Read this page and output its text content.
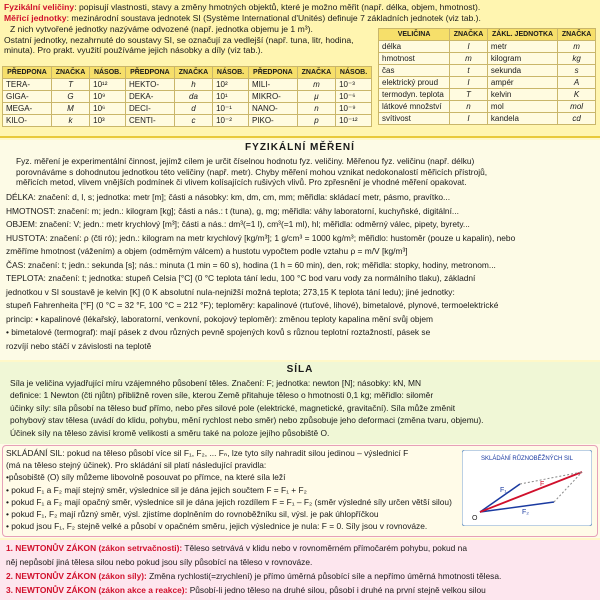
Fyzikální veličiny: popisují vlastnosti, stavy a změny hmotných objektů, které je možno měřit (např. délka, objem, hmotnost).
Měřicí jednotky: mezinárodní soustava jednotek SI (Système International d'Unités) definuje 7 základních jednotek (viz tab.).
Z nich vytvořené jednotky nazýváme odvozené (např. jednotka objemu je 1 m³).
Ostatní jednotky, nezahrnuté do soustavy SI, se označují za vedlejší (např. tuna, litr, hodina, minuta). Pro prakt. využití používáme jejich násobky a díly (viz tab.).
PŘEDPONA	ZNAČKA	NÁSOB.	PŘEDPONA	ZNAČKA	NÁSOB.	PŘEDPONA	ZNAČKA	NÁSOB.
TERA-	T	10¹²	HEKTO-	h	10²	MILI-	m	10⁻³
GIGA-	G	10⁹	DEKA-	da	10¹	MIKRO-	μ	10⁻⁶
MEGA-	M	10⁶	DECI-	d	10⁻¹	NANO-	n	10⁻⁹
KILO-	k	10³	CENTI-	c	10⁻²	PIKO-	p	10⁻¹²
VELIČINA	ZNAČKA	ZÁKL. JEDNOTKA	ZNAČKA
délka	l	metr	m
hmotnost	m	kilogram	kg
čas	t	sekunda	s
elektrický proud	I	ampér	A
termodyn. teplota	T	kelvin	K
látkové množství	n	mol	mol
svítivost	I	kandela	cd
FYZIKÁLNÍ MĚŘENÍ
Fyz. měření je experimentální činnost, jejímž cílem je určit číselnou hodnotu fyz. veličiny. Měřenou fyz. veličinu (např. délku)
porovnáváme s dohodnutou jednotkou této veličiny (např. metr). Chyby měření mohou vznikat nedokonalostí měřicích přístrojů,
měřicích metod, vlivem vnějších podmínek či vlivem kolísajících rušivých vlivů. Pro zpřesnění je vhodné měření opakovat.
DÉLKA: značení: d, l, s; jednotka: metr [m]; části a násobky: km, dm, cm, mm; měřidla: skládací metr, pásmo, pravítko...
HMOTNOST: značení: m; jedn.: kilogram [kg]; části a nás.: t (tuna), g, mg; měřidla: váhy laboratorní, kuchyňské, digitální...
OBJEM: značení: V; jedn.: metr krychlový [m³]; části a nás.: dm³(=1 l), cm³(=1 ml), hl; měřidla: odměrný válec, pipety, byrety...
HUSTOTA: značení: ρ (čti ró); jedn.: kilogram na metr krychlový [kg/m³]; 1 g/cm³ = 1000 kg/m³; měřidlo: hustoměr (pouze u kapalin), nebo
změříme hmotnost (vážením) a objem (odměrným válcem) a hustotu vypočtem podle vztahu ρ = m/V [kg/m³]
ČAS: značení: t; jedn.: sekunda [s]; nás.: minuta (1 min = 60 s), hodina (1 h = 60 min), den, rok; měřidla: stopky, hodiny, metronom...
TEPLOTA: značení: t; jednotka: stupeň Celsia [°C] (0 °C teplota tání ledu, 100 °C bod varu vody za normálního tlaku), základní
jednotkou v SI soustavě je kelvin [K] (0 K absolutní nula-nejnižší možná teplota; 273,15 K teplota tání ledu); jiné jednotky:
stupeň Fahrenheita [°F] (0 °C = 32 °F, 100 °C = 212 °F); teploměry: kapalinové (rtuťové, lihové), bimetalové, plynové, termoelektrické
princip: • kapalinové (lékařský, laboratorní, venkovní, pokojový teploměr): změnou teploty kapalina mění svůj objem
• bimetalové (termograf): mají pásek z dvou různých pevně spojených kovů s různou teplotní roztažností, pásek se
rozvíjí nebo stáčí v závislosti na teplotě
SÍLA
Síla je veličina vyjadřující míru vzájemného působení těles. Značení: F; jednotka: newton [N]; násobky: kN, MN
definice: 1 Newton (čti njůtn) přibližně roven síle, kterou Země přitahuje těleso o hmotnosti 0,1 kg; měřidlo: siloměr
účinky síly: síla působí na těleso buď přímo, nebo přes silové pole (elektrické, magnetické, gravitační). Síla může změnit
pohybový stav tělesa (uvádí do klidu, pohybu, mění rychlost nebo směr) nebo způsobuje jeho deformaci (změna tvaru, objemu).
Účinek síly na těleso závisí kromě velikosti a směru také na poloze jejího působiště O.
SKLÁDÁNÍ SIL: pokud na těleso působí více sil F₁, F₂, ... Fₙ, lze tyto síly nahradit silou jedinou – výslednicí F
(má na těleso stejný účinek). Pro skládání sil platí následující pravidla:
•působiště (O) síly můžeme libovolně posouvat po přímce, na které síla leží
• pokud F₁ a F₂ mají stejný směr, výslednice sil je dána jejich součtem F = F₁ + F₂
• pokud F₁ a F₂ mají opačný směr, výslednice sil je dána jejich rozdílem F = F₁ – F₂ (směr výsledné síly určen větší silou)
• pokud F₁, F₂ mají různý směr, výsl. zjistíme doplněním do rovnoběžníku sil, výsl. je pak úhlopříčkou
• pokud jsou F₁, F₂ stejně velké a působí v opačném směru, jejich výslednice je nula: F = 0. Síly jsou v rovnováze.
SKLÁDÁNÍ RŮZNOBĚŽNÝCH SIL
F₁
F₂
F
O
1. NEWTONŮV ZÁKON (zákon setrvačnosti): Těleso setrvává v klidu nebo v rovnoměrném přímočarém pohybu, pokud na
něj nepůsobí jiná tělesa silou nebo pokud jsou síly působící na těleso v rovnováze.
2. NEWTONŮV ZÁKON (zákon síly): Změna rychlosti(=zrychlení) je přímo úměrná působící síle a nepřímo úměrná hmotnosti tělesa.
3. NEWTONŮV ZÁKON (zákon akce a reakce): Působí-li jedno těleso na druhé silou, působí i druhé na první stejně velkou silou
